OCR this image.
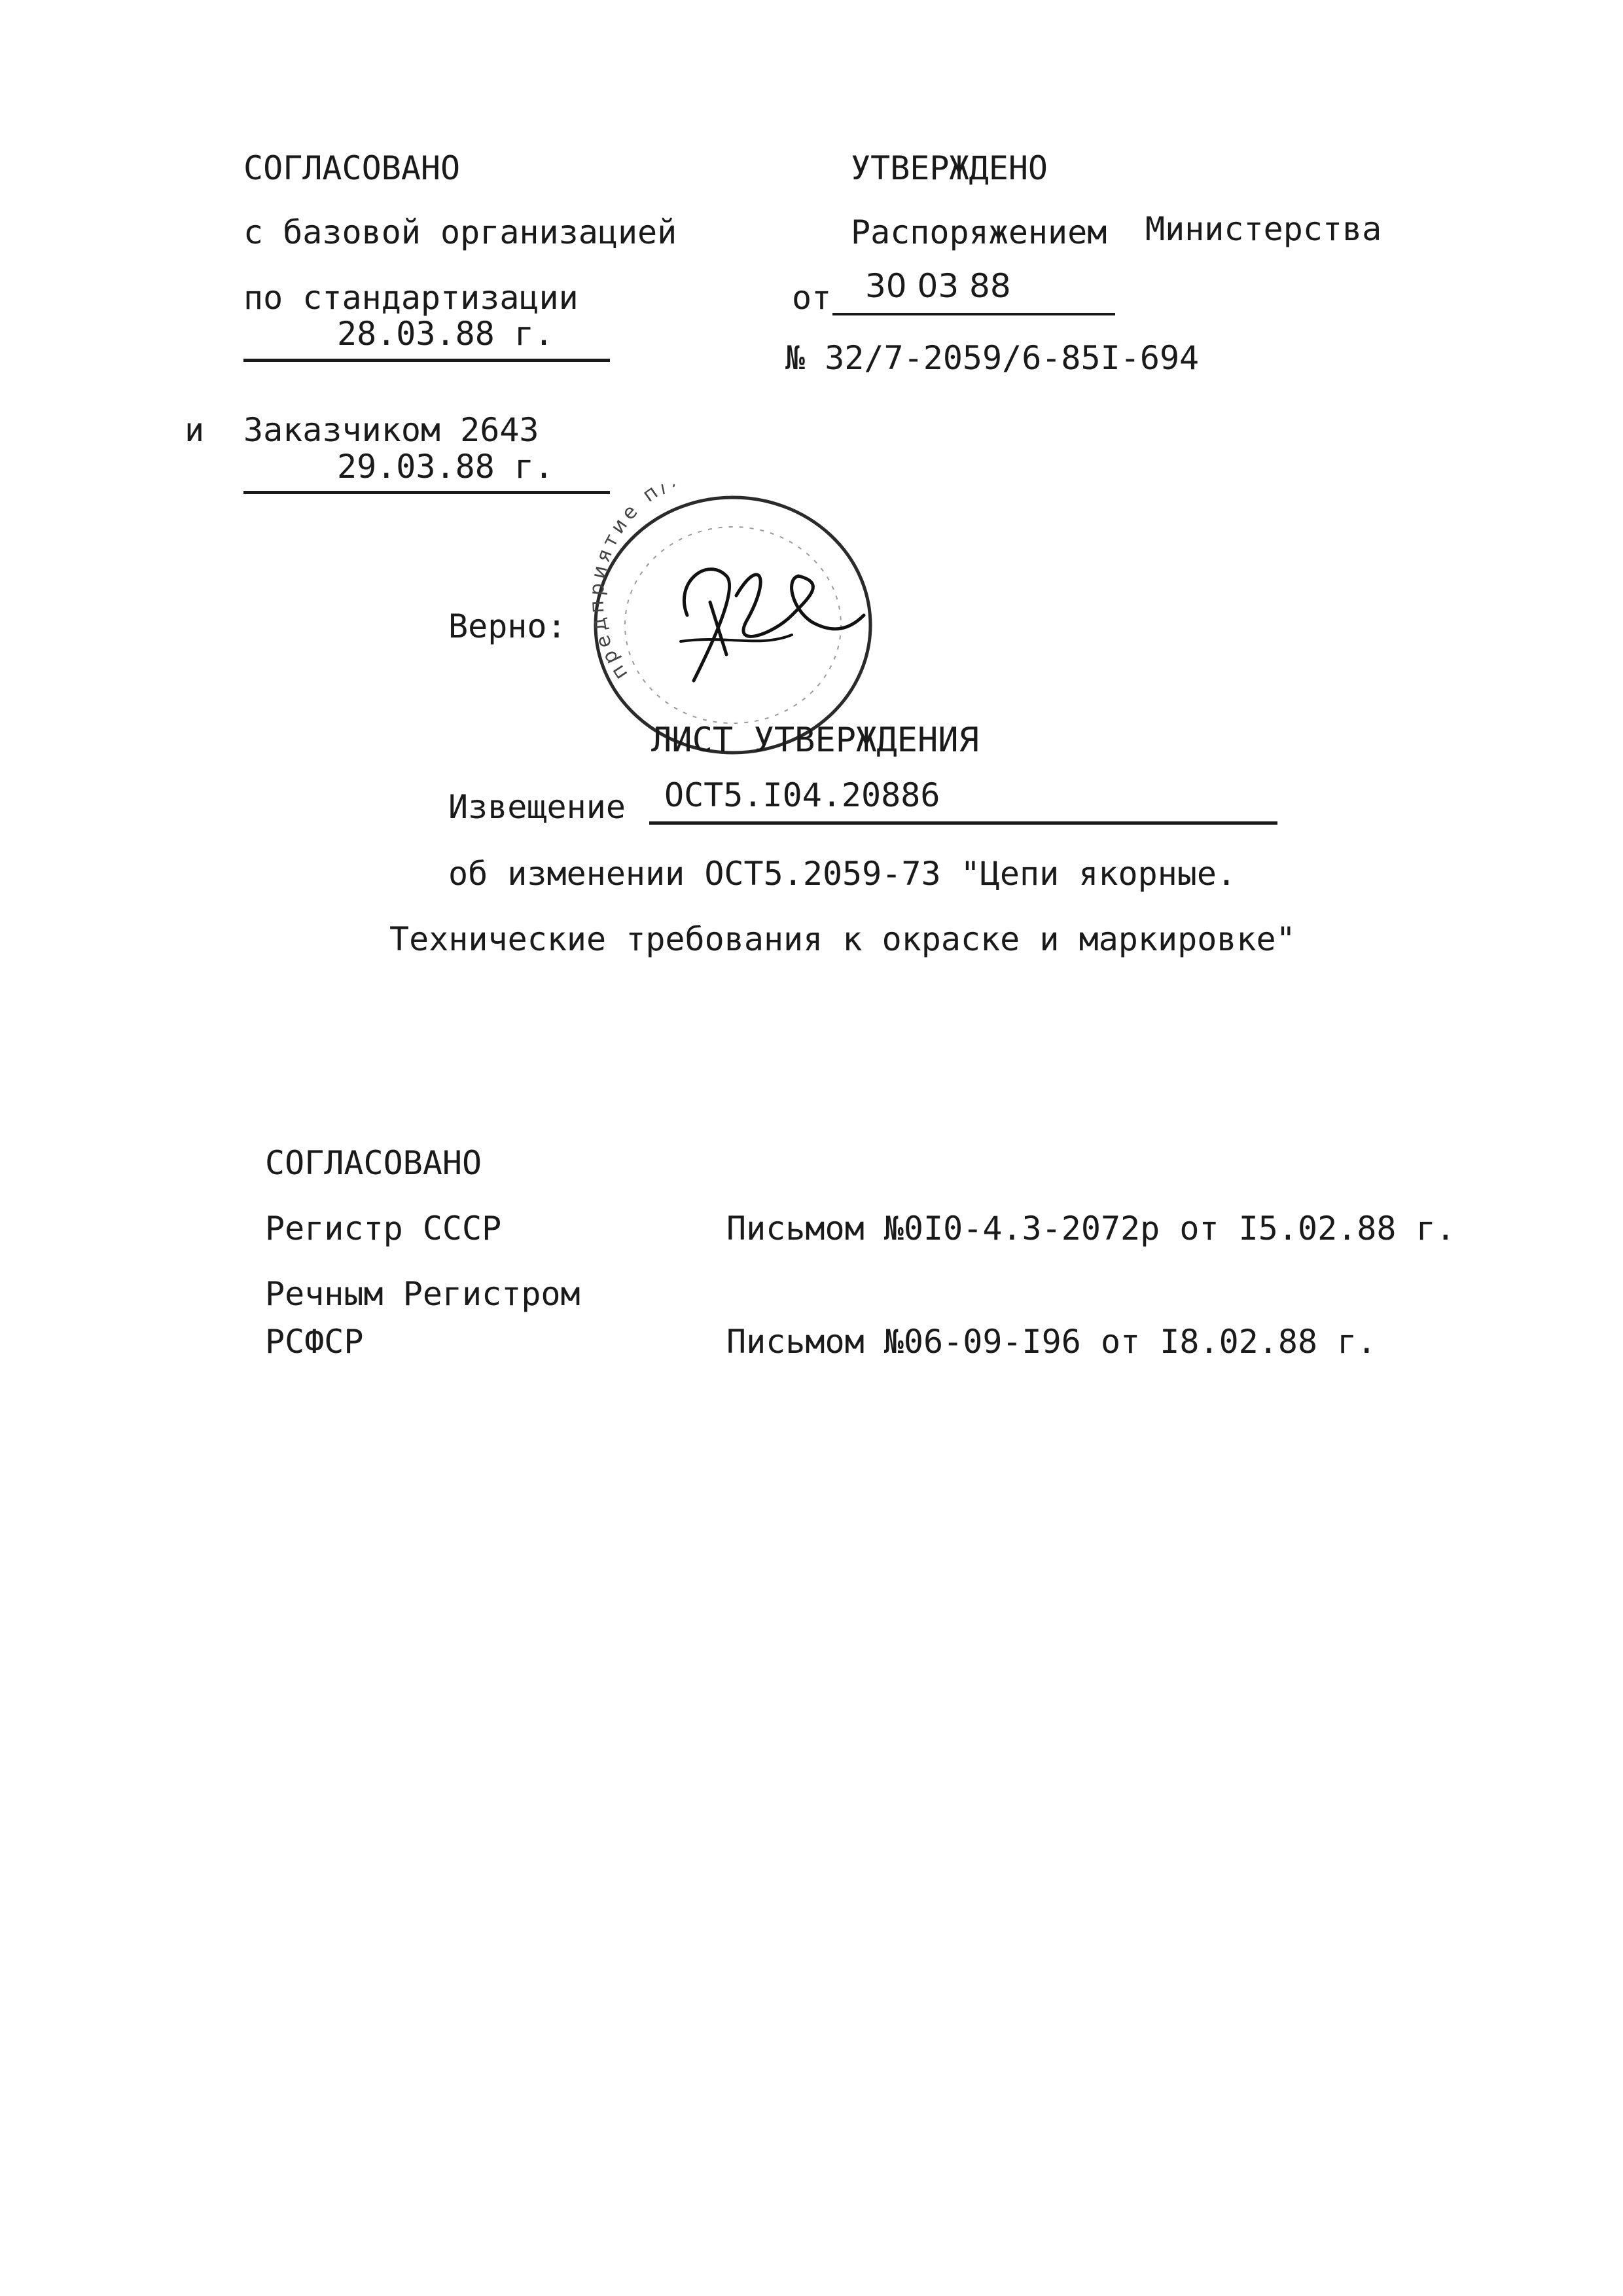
СОГЛАСОВАНО
с базовой организацией
по стандартизации
28.03.88 г.
и Заказчиком 2643
29.03.88 г.
УТВЕРЖДЕНО
Распоряжением Министерства
от 30 03 88
№ 32/7-2059/6-85I-694
Верно:
предприятие п/
ЛИСТ УТВЕРЖДЕНИЯ
Извещение ОСТ5.I04.20886
об изменении ОСТ5.2059-73 "Цепи якорные.
Технические требования к окраске и маркировке"
СОГЛАСОВАНО
Регистр СССР	Письмом №0I0-4.3-2072р от I5.02.88 г.
Речным Регистром
РСФСР	Письмом №06-09-I96 от I8.02.88 г.
